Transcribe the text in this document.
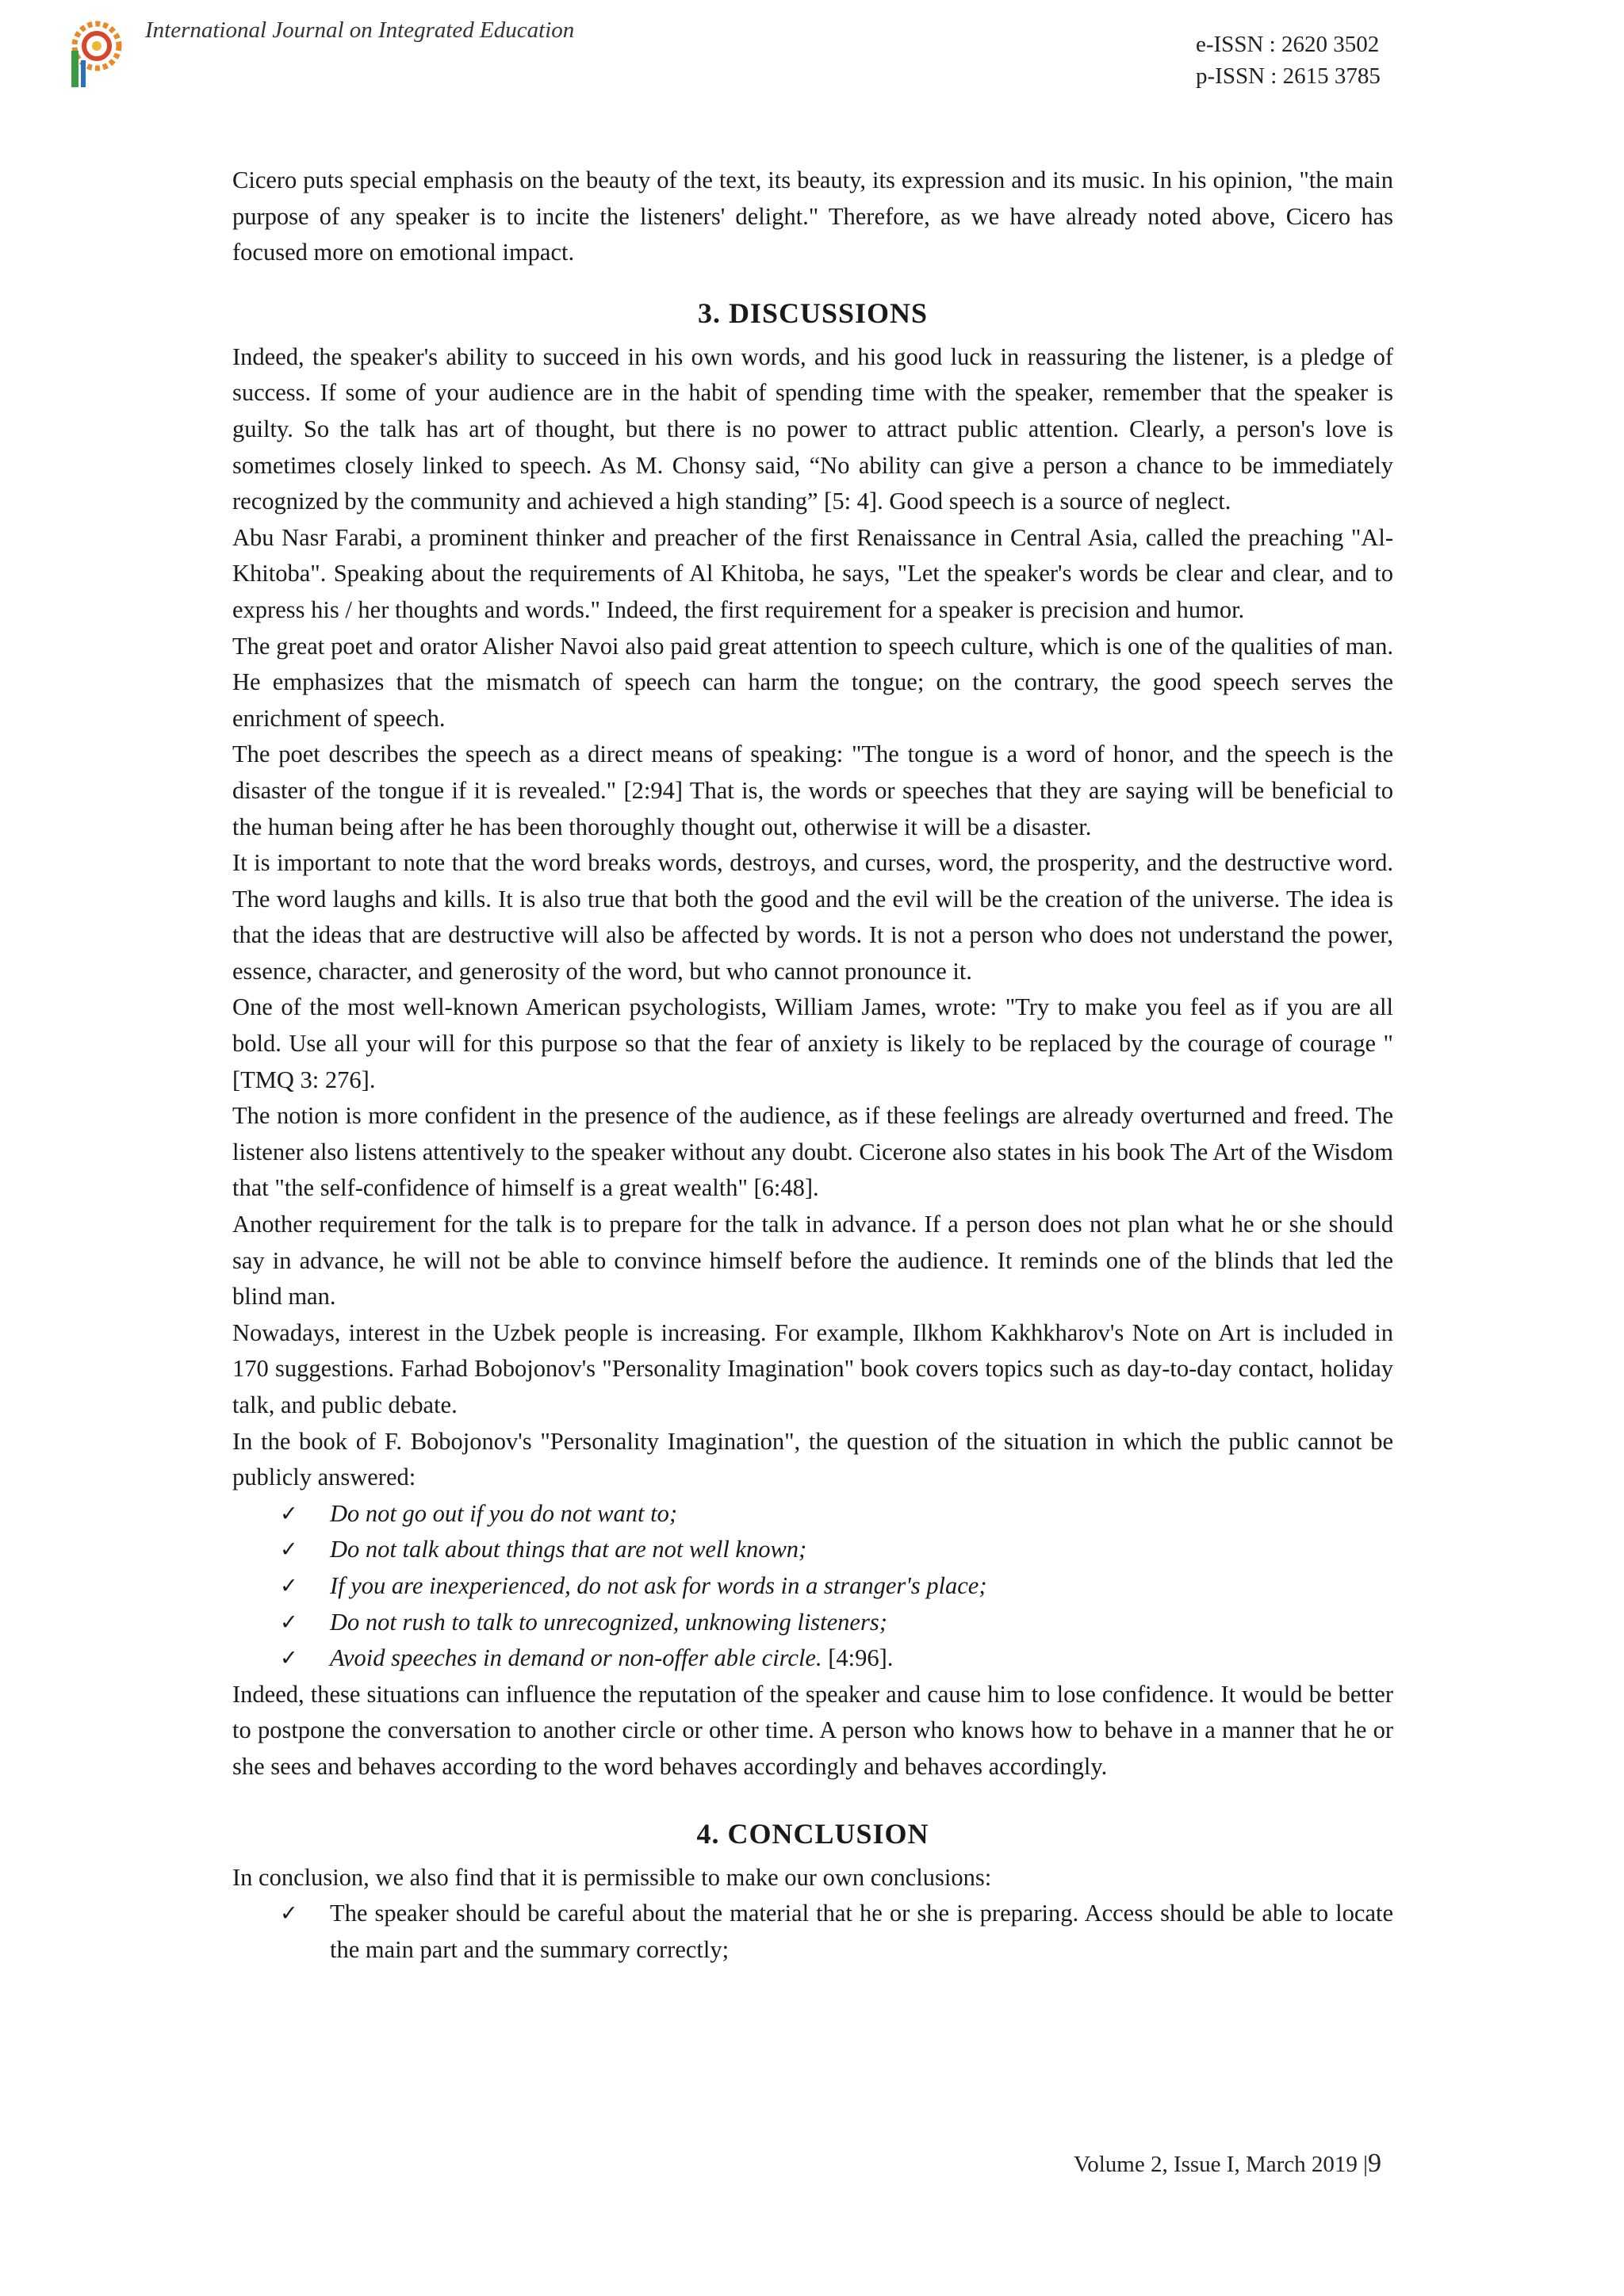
International Journal on Integrated Education
e-ISSN : 2620 3502
p-ISSN : 2615 3785

Cicero puts special emphasis on the beauty of the text, its beauty, its expression and its music. In his opinion, "the main purpose of any speaker is to incite the listeners' delight." Therefore, as we have already noted above, Cicero has focused more on emotional impact.

3. DISCUSSIONS

Indeed, the speaker's ability to succeed in his own words, and his good luck in reassuring the listener, is a pledge of success. If some of your audience are in the habit of spending time with the speaker, remember that the speaker is guilty. So the talk has art of thought, but there is no power to attract public attention. Clearly, a person's love is sometimes closely linked to speech. As M. Chonsy said, “No ability can give a person a chance to be immediately recognized by the community and achieved a high standing” [5: 4]. Good speech is a source of neglect.

Abu Nasr Farabi, a prominent thinker and preacher of the first Renaissance in Central Asia, called the preaching "Al-Khitoba". Speaking about the requirements of Al Khitoba, he says, "Let the speaker's words be clear and clear, and to express his / her thoughts and words." Indeed, the first requirement for a speaker is precision and humor.

The great poet and orator Alisher Navoi also paid great attention to speech culture, which is one of the qualities of man. He emphasizes that the mismatch of speech can harm the tongue; on the contrary, the good speech serves the enrichment of speech.

The poet describes the speech as a direct means of speaking: "The tongue is a word of honor, and the speech is the disaster of the tongue if it is revealed." [2:94] That is, the words or speeches that they are saying will be beneficial to the human being after he has been thoroughly thought out, otherwise it will be a disaster.

It is important to note that the word breaks words, destroys, and curses, word, the prosperity, and the destructive word. The word laughs and kills. It is also true that both the good and the evil will be the creation of the universe. The idea is that the ideas that are destructive will also be affected by words. It is not a person who does not understand the power, essence, character, and generosity of the word, but who cannot pronounce it.

One of the most well-known American psychologists, William James, wrote: "Try to make you feel as if you are all bold. Use all your will for this purpose so that the fear of anxiety is likely to be replaced by the courage of courage "[TMQ 3: 276].

The notion is more confident in the presence of the audience, as if these feelings are already overturned and freed. The listener also listens attentively to the speaker without any doubt. Cicerone also states in his book The Art of the Wisdom that "the self-confidence of himself is a great wealth" [6:48].

Another requirement for the talk is to prepare for the talk in advance. If a person does not plan what he or she should say in advance, he will not be able to convince himself before the audience. It reminds one of the blinds that led the blind man.

Nowadays, interest in the Uzbek people is increasing. For example, Ilkhom Kakhkharov's Note on Art is included in 170 suggestions. Farhad Bobojonov's "Personality Imagination" book covers topics such as day-to-day contact, holiday talk, and public debate.

In the book of F. Bobojonov's "Personality Imagination", the question of the situation in which the public cannot be publicly answered:

✓ Do not go out if you do not want to;
✓ Do not talk about things that are not well known;
✓ If you are inexperienced, do not ask for words in a stranger's place;
✓ Do not rush to talk to unrecognized, unknowing listeners;
✓ Avoid speeches in demand or non-offer able circle. [4:96].

Indeed, these situations can influence the reputation of the speaker and cause him to lose confidence. It would be better to postpone the conversation to another circle or other time. A person who knows how to behave in a manner that he or she sees and behaves according to the word behaves accordingly and behaves accordingly.

4. CONCLUSION

In conclusion, we also find that it is permissible to make our own conclusions:

✓ The speaker should be careful about the material that he or she is preparing. Access should be able to locate the main part and the summary correctly;
Volume 2, Issue I, March 2019 |9
